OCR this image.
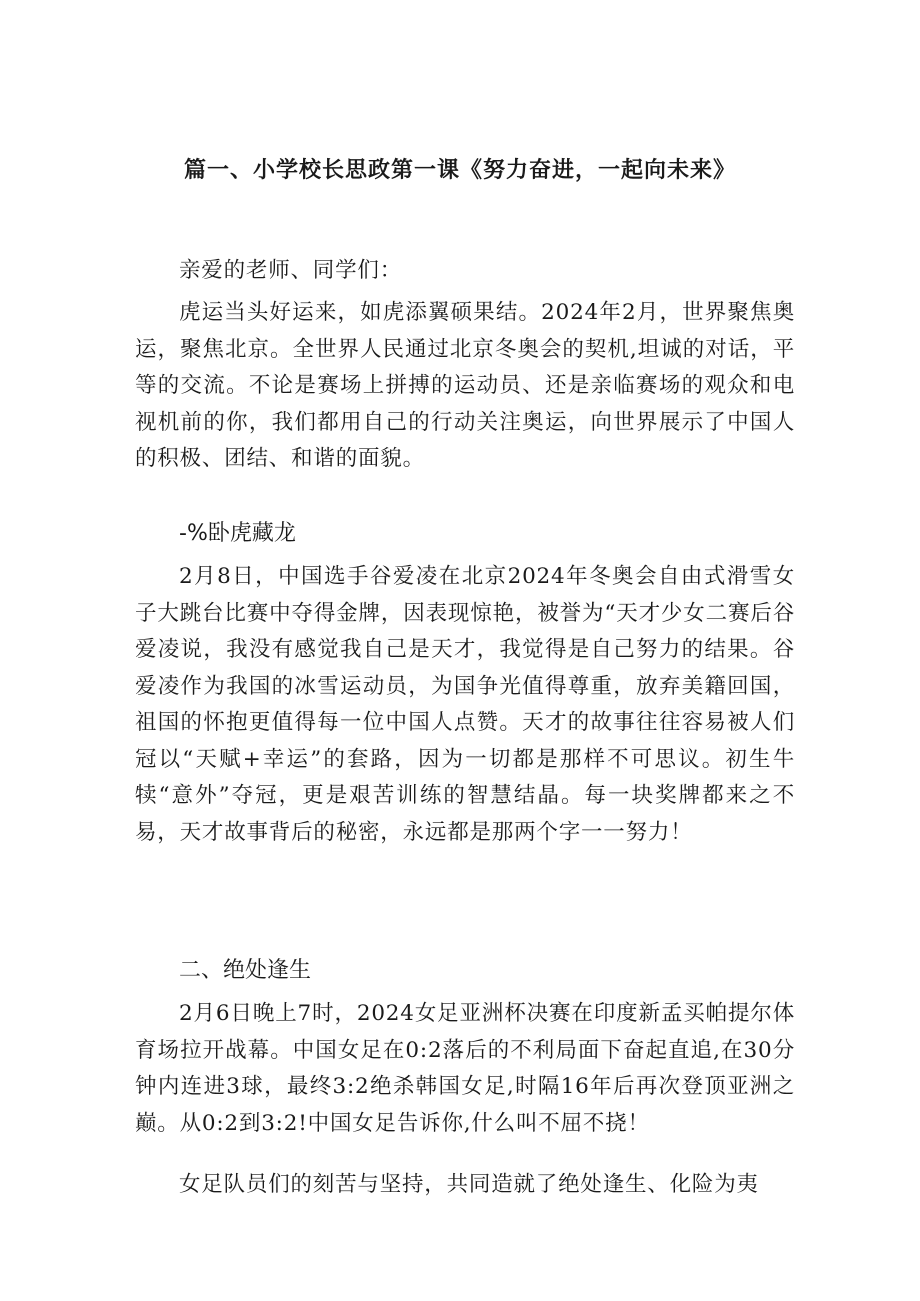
篇一、小学校长思政第一课《努力奋进，一起向未来》
亲爱的老师、同学们：
虎运当头好运来，如虎添翼硕果结。2024年2月，世界聚焦奥运，聚焦北京。全世界人民通过北京冬奥会的契机,坦诚的对话，平等的交流。不论是赛场上拼搏的运动员、还是亲临赛场的观众和电视机前的你，我们都用自己的行动关注奥运，向世界展示了中国人的积极、团结、和谐的面貌。
-%卧虎藏龙
2月8日，中国选手谷爱凌在北京2024年冬奥会自由式滑雪女子大跳台比赛中夺得金牌，因表现惊艳，被誉为“天才少女二赛后谷爱凌说，我没有感觉我自己是天才，我觉得是自己努力的结果。谷爱凌作为我国的冰雪运动员，为国争光值得尊重，放弃美籍回国，祖国的怀抱更值得每一位中国人点赞。天才的故事往往容易被人们冠以“天赋+幸运”的套路，因为一切都是那样不可思议。初生牛犊“意外”夺冠，更是艰苦训练的智慧结晶。每一块奖牌都来之不易，天才故事背后的秘密，永远都是那两个字一一努力！
二、绝处逢生
2月6日晚上7时，2024女足亚洲杯决赛在印度新孟买帕提尔体育场拉开战幕。中国女足在0:2落后的不利局面下奋起直追,在30分钟内连进3球，最终3:2绝杀韩国女足,时隔16年后再次登顶亚洲之巅。从0:2到3:2!中国女足告诉你,什么叫不屈不挠！
女足队员们的刻苦与坚持，共同造就了绝处逢生、化险为夷
